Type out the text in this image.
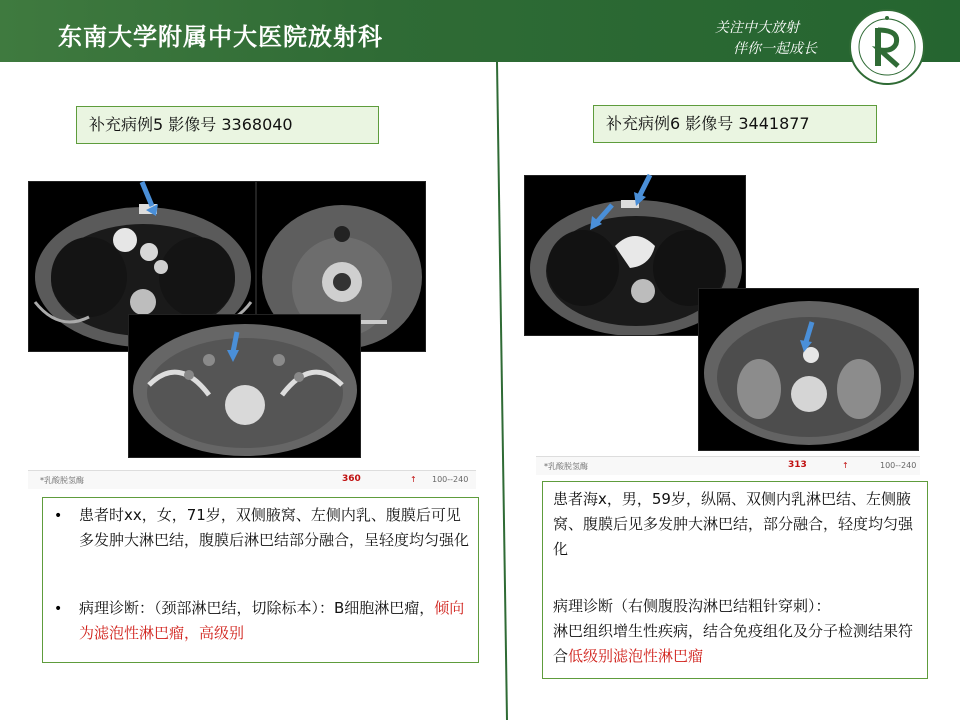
东南大学附属中大医院放射科	关注中大放射
伴你一起成长
补充病例5 影像号 3368040
*乳酸脱氢酶	360	↑ 100--240
• 患者时xx，女，71岁，双侧腋窝、左侧内乳、腹膜后可见多发肿大淋巴结，腹膜后淋巴结部分融合，呈轻度均匀强化

• 病理诊断：（颈部淋巴结，切除标本）：B细胞淋巴瘤，倾向为滤泡性淋巴瘤，高级别

补充病例6 影像号 3441877
*乳酸脱氢酶	313	↑	100--240

患者海x，男，59岁，纵隔、双侧内乳淋巴结、左侧腋窝、腹膜后见多发肿大淋巴结，部分融合，轻度均匀强化

病理诊断（右侧腹股沟淋巴结粗针穿刺）：

淋巴组织增生性疾病，结合免疫组化及分子检测结果符合低级别滤泡性淋巴瘤
